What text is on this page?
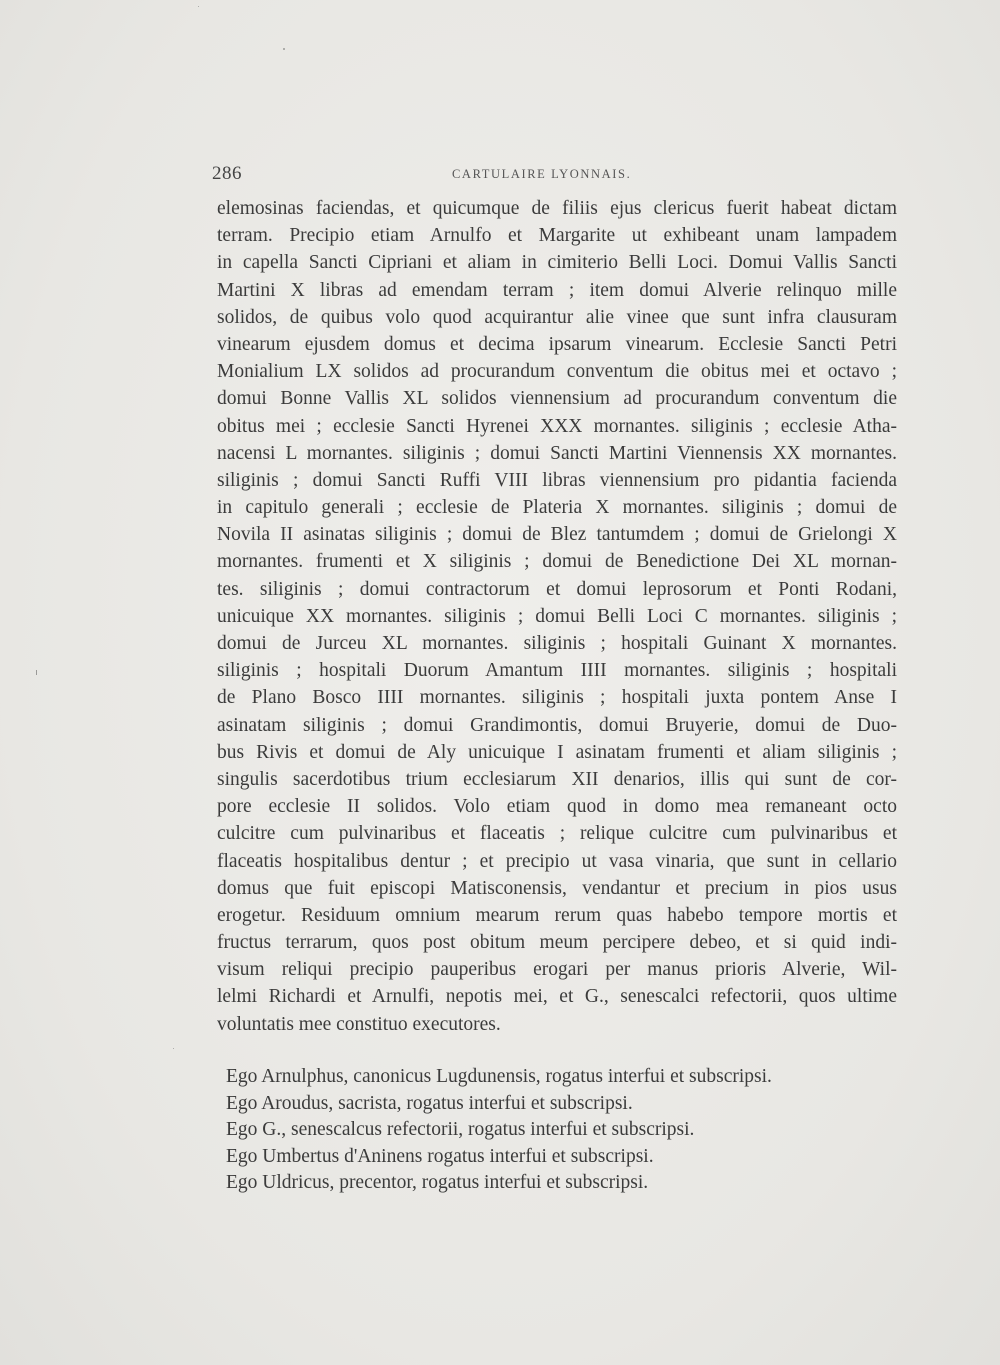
286	CARTULAIRE LYONNAIS.
elemosinas faciendas, et quicumque de filiis ejus clericus fuerit habeat dictam
terram. Precipio etiam Arnulfo et Margarite ut exhibeant unam lampadem
in capella Sancti Cipriani et aliam in cimiterio Belli Loci. Domui Vallis Sancti
Martini X libras ad emendam terram ; item domui Alverie relinquo mille
solidos, de quibus volo quod acquirantur alie vinee que sunt infra clausuram
vinearum ejusdem domus et decima ipsarum vinearum. Ecclesie Sancti Petri
Monialium LX solidos ad procurandum conventum die obitus mei et octavo ;
domui Bonne Vallis XL solidos viennensium ad procurandum conventum die
obitus mei ; ecclesie Sancti Hyrenei XXX mornantes. siliginis ; ecclesie Atha-
nacensi L mornantes. siliginis ; domui Sancti Martini Viennensis XX mornantes.
siliginis ; domui Sancti Ruffi VIII libras viennensium pro pidantia facienda
in capitulo generali ; ecclesie de Plateria X mornantes. siliginis ; domui de
Novila II asinatas siliginis ; domui de Blez tantumdem ; domui de Grielongi X
mornantes. frumenti et X siliginis ; domui de Benedictione Dei XL mornan-
tes. siliginis ; domui contractorum et domui leprosorum et Ponti Rodani,
unicuique XX mornantes. siliginis ; domui Belli Loci C mornantes. siliginis ;
domui de Jurceu XL mornantes. siliginis ; hospitali Guinant X mornantes.
siliginis ; hospitali Duorum Amantum IIII mornantes. siliginis ; hospitali
de Plano Bosco IIII mornantes. siliginis ; hospitali juxta pontem Anse I
asinatam siliginis ; domui Grandimontis, domui Bruyerie, domui de Duo-
bus Rivis et domui de Aly unicuique I asinatam frumenti et aliam siliginis ;
singulis sacerdotibus trium ecclesiarum XII denarios, illis qui sunt de cor-
pore ecclesie II solidos. Volo etiam quod in domo mea remaneant octo
culcitre cum pulvinaribus et flaceatis ; relique culcitre cum pulvinaribus et
flaceatis hospitalibus dentur ; et precipio ut vasa vinaria, que sunt in cellario
domus que fuit episcopi Matisconensis, vendantur et precium in pios usus
erogetur. Residuum omnium mearum rerum quas habebo tempore mortis et
fructus terrarum, quos post obitum meum percipere debeo, et si quid indi-
visum reliqui precipio pauperibus erogari per manus prioris Alverie, Wil-
lelmi Richardi et Arnulfi, nepotis mei, et G., senescalci refectorii, quos ultime
voluntatis mee constituo executores.
Ego Arnulphus, canonicus Lugdunensis, rogatus interfui et subscripsi.
Ego Aroudus, sacrista, rogatus interfui et subscripsi.
Ego G., senescalcus refectorii, rogatus interfui et subscripsi.
Ego Umbertus d'Aninens rogatus interfui et subscripsi.
Ego Uldricus, precentor, rogatus interfui et subscripsi.
